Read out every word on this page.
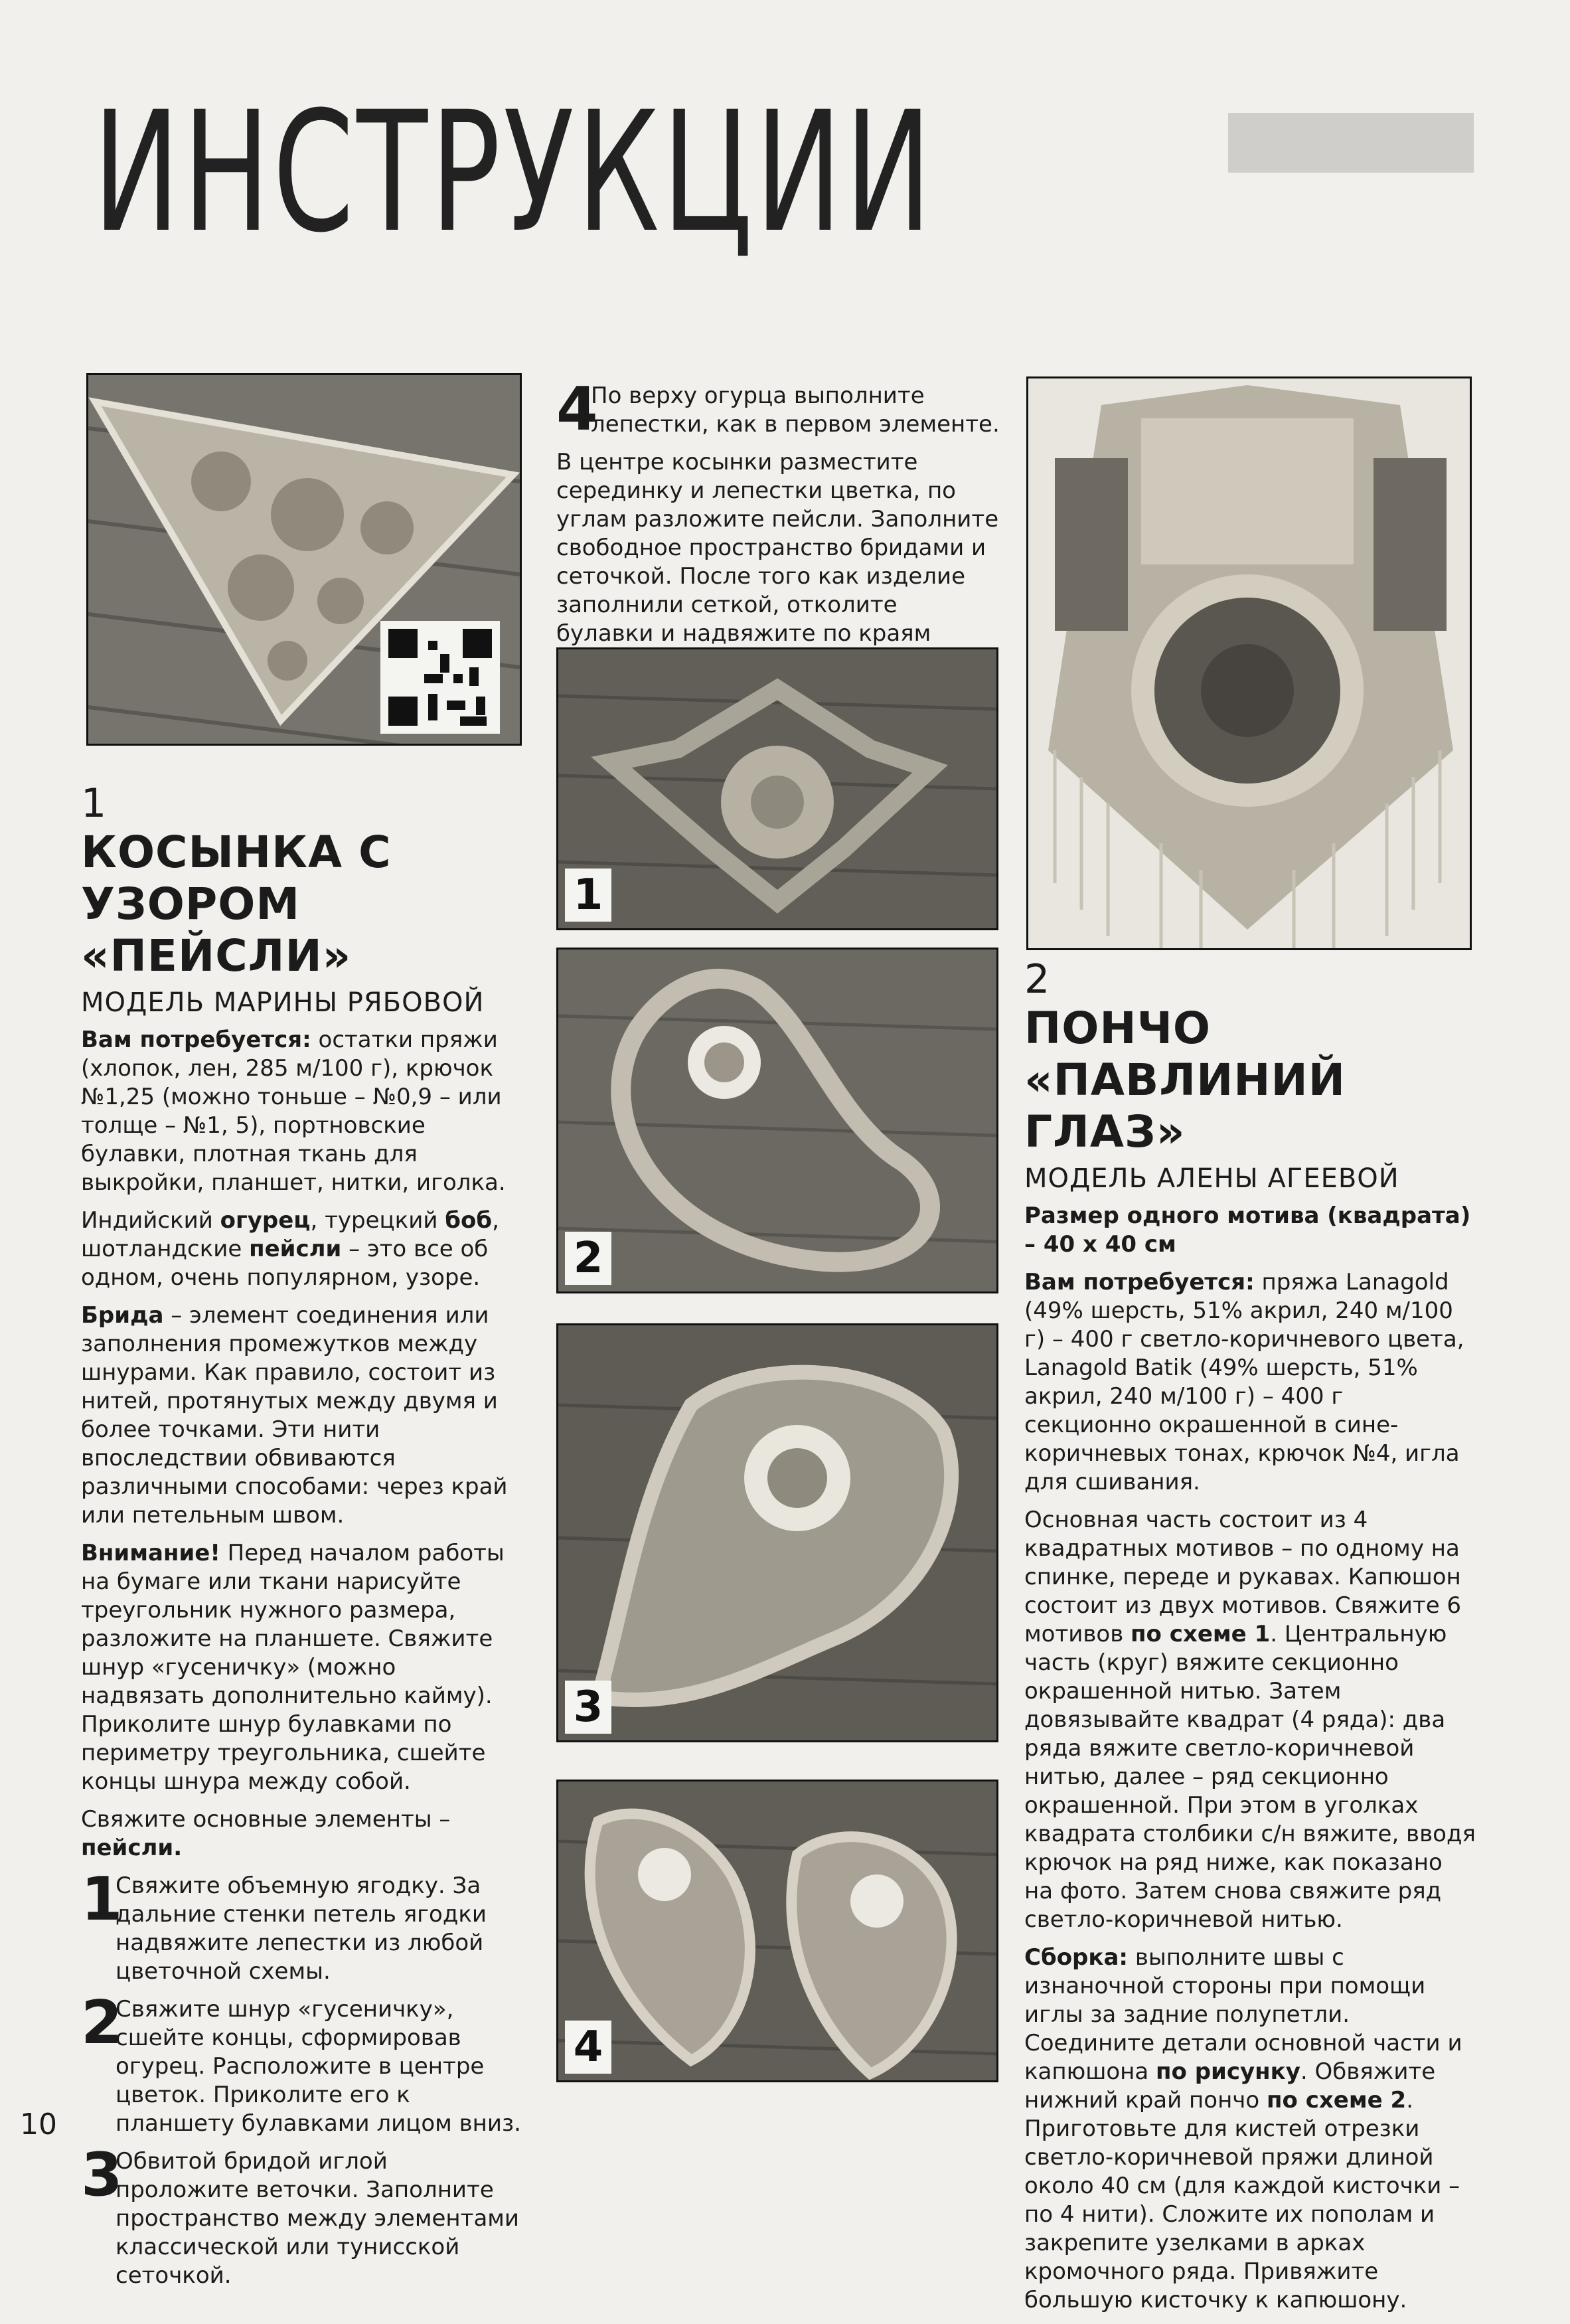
ИНСТРУКЦИИ
1
КОСЫНКА С УЗОРОМ
«ПЕЙСЛИ»
МОДЕЛЬ МАРИНЫ РЯБОВОЙ

Вам потребуется: остатки пряжи (хлопок, лен, 285 м/100 г), крючок №1,25 (можно тоньше – №0,9 – или толще – №1, 5), портновские булавки, плотная ткань для выкройки, планшет, нитки, иголка.

Индийский огурец, турецкий боб, шотландские пейсли – это все об одном, очень популярном, узоре.

Брида – элемент соединения или заполнения промежутков между шнурами. Как правило, состоит из нитей, протянутых между двумя и более точками. Эти нити впоследствии обвиваются различными способами: через край или петельным швом.

Внимание! Перед началом работы на бумаге или ткани нарисуйте треугольник нужного размера, разложите на планшете. Свяжите шнур «гусеничку» (можно надвязать дополнительно кайму). Приколите шнур булавками по периметру треугольника, сшейте концы шнура между собой.

Свяжите основные элементы – пейсли.

1
Свяжите объемную ягодку. За дальние стенки петель ягодки надвяжите лепестки из любой цветочной схемы.
2
Свяжите шнур «гусеничку», сшейте концы, сформировав огурец. Расположите в центре цветок. Приколите его к планшету булавками лицом вниз.
3
Обвитой бридой иглой проложите веточки. Заполните пространство между элементами классической или тунисской сеточкой.
4
По верху огурца выполните лепестки, как в первом элементе.

В центре косынки разместите серединку и лепестки цветка, по углам разложите пейсли. Заполните свободное пространство бридами и сеточкой. После того как изделие заполнили сеткой, отколите булавки и надвяжите по краям

1
2
3
4
2
ПОНЧО «ПАВЛИНИЙ
ГЛАЗ»
МОДЕЛЬ АЛЕНЫ АГЕЕВОЙ

Размер одного мотива (квадрата) – 40 х 40 см

Вам потребуется: пряжа Lanagold (49% шерсть, 51% акрил, 240 м/100 г) – 400 г светло-коричневого цвета, Lanagold Batik (49% шерсть, 51% акрил, 240 м/100 г) – 400 г секционно окрашенной в сине-коричневых тонах, крючок №4, игла для сшивания.

Основная часть состоит из 4 квадратных мотивов – по одному на спинке, переде и рукавах. Капюшон состоит из двух мотивов. Свяжите 6 мотивов по схеме 1. Центральную часть (круг) вяжите секционно окрашенной нитью. Затем довязывайте квадрат (4 ряда): два ряда вяжите светло-коричневой нитью, далее – ряд секционно окрашенной. При этом в уголках квадрата столбики с/н вяжите, вводя крючок на ряд ниже, как показано на фото. Затем снова свяжите ряд светло-коричневой нитью.

Сборка: выполните швы с изнаночной стороны при помощи иглы за задние полупетли. Соедините детали основной части и капюшона по рисунку. Обвяжите нижний край пончо по схеме 2. Приготовьте для кистей отрезки светло-коричневой пряжи длиной около 40 см (для каждой кисточки – по 4 нити). Сложите их пополам и закрепите узелками в арках кромочного ряда. Привяжите большую кисточку к капюшону.

10
